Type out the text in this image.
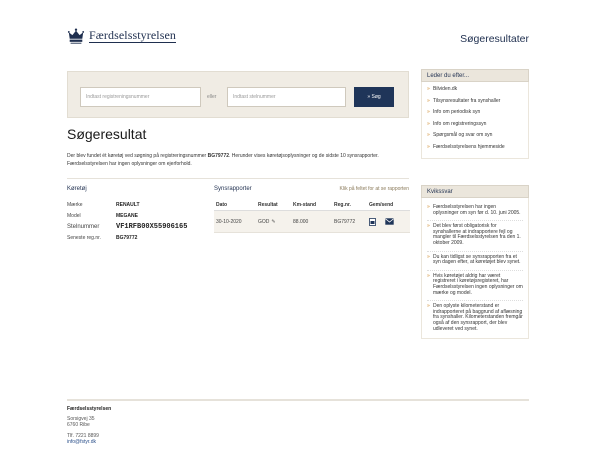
Færdselsstyrelsen	Søgeresultater
Indtast registreningsnummer	eller	Indtast stelnummer	» Søg
Søgeresultat
Der blev fundet ét køretøj ved søgning på registreringsnummer BG79772. Herunder vises køretøjsoplysninger og de sidste 10 synsrapporter. Færdselsstyrelsen har ingen oplysninger om ejerforhold.
Køretøj
Mærke	RENAULT
Model	MEGANE
Stelnummer	VF1RFB00X55906165
Seneste reg.nr.	BG79772
Synsrapporter	Klik på feltet for at se rapporten
Dato	Resultat	Km-stand	Reg.nr.	Gem/send
30-10-2020	GOD ✎	88.000	BG79772

Leder du efter...
» Bilviden.dk
» Tilsynsresultater fra synshaller
» Info om periodisk syn
» Info om registreringssyn
» Spørgsmål og svar om syn
» Færdselsstyrelsens hjemmeside
Kvikssvar
» Færdselsstyrelsen har ingen oplysninger om syn før d. 10. juni 2005.
» Det blev først obligatorisk for synshallerne at indrapportere fejl og mangler til Færdselsstyrelsen fra den 1. oktober 2009.
» Du kan tidligst se synsrapporten fra et syn dagen efter, at køretøjet blev synet.
» Hvis køretøjet aldrig har været registreret i køretøjsregisteret, har Færdselsstyrelsen ingen oplysninger om mærke og model.
» Den oplyste kilometerstand er indrapporteret på baggrund af aflæsning fra synshaller. Kilometerstanden fremgår også af den synsrapport, der blev udleveret ved synet.
Færdselsstyrelsen
Sorsigvej 35
6760 Ribe
Tlf. 7221 8899
info@fstyr.dk
